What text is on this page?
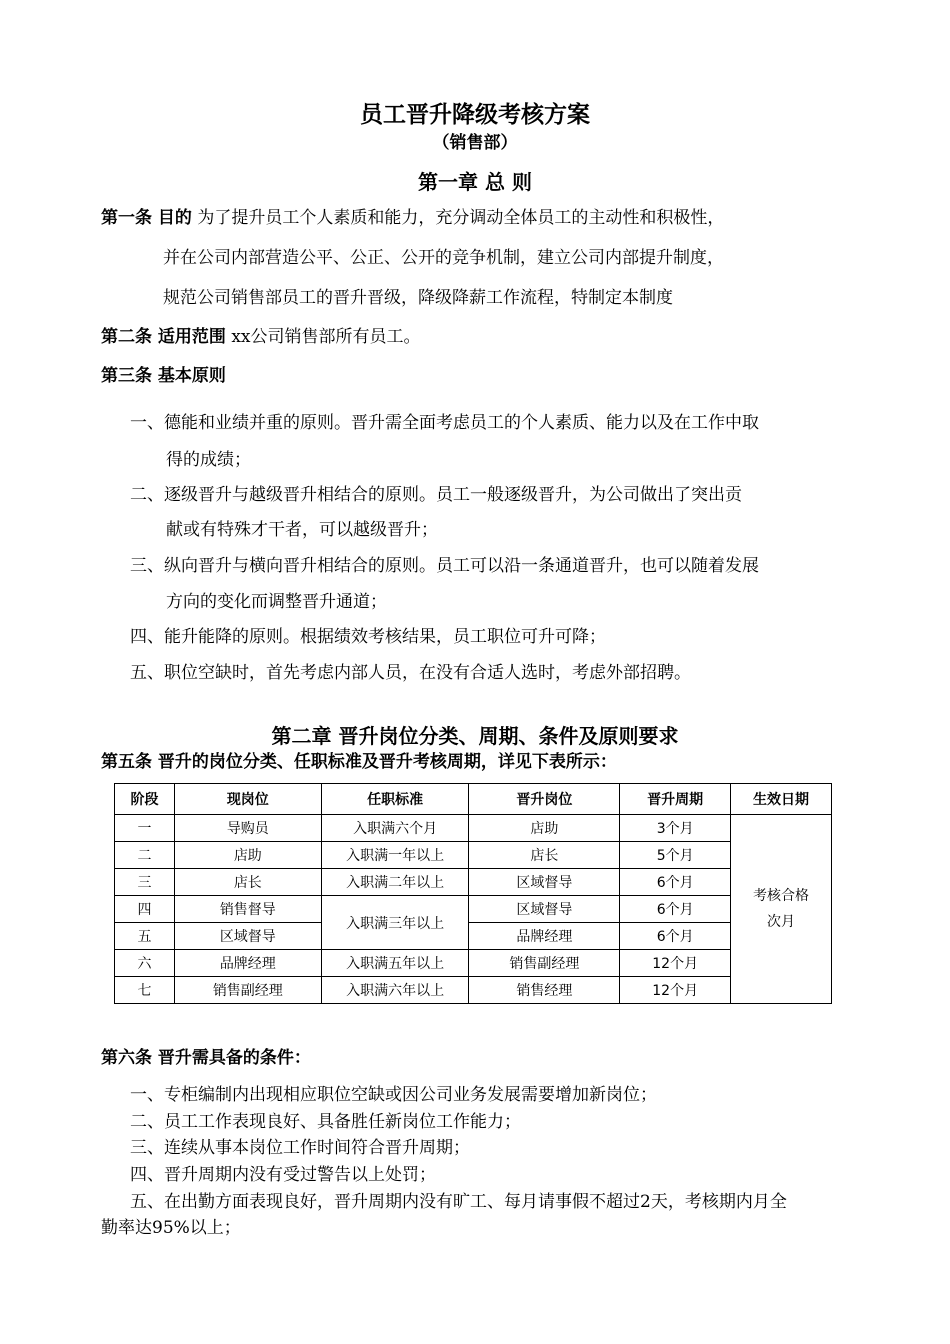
员工晋升降级考核方案
（销售部）
第一章 总 则
第一条 目的 为了提升员工个人素质和能力，充分调动全体员工的主动性和积极性，
并在公司内部营造公平、公正、公开的竞争机制，建立公司内部提升制度，
规范公司销售部员工的晋升晋级，降级降薪工作流程，特制定本制度
第二条 适用范围 xx公司销售部所有员工。
第三条 基本原则
一、德能和业绩并重的原则。晋升需全面考虑员工的个人素质、能力以及在工作中取
得的成绩；
二、逐级晋升与越级晋升相结合的原则。员工一般逐级晋升，为公司做出了突出贡
献或有特殊才干者，可以越级晋升；
三、纵向晋升与横向晋升相结合的原则。员工可以沿一条通道晋升，也可以随着发展
方向的变化而调整晋升通道；
四、能升能降的原则。根据绩效考核结果，员工职位可升可降；
五、职位空缺时，首先考虑内部人员，在没有合适人选时，考虑外部招聘。
第二章 晋升岗位分类、周期、条件及原则要求
第五条 晋升的岗位分类、任职标准及晋升考核周期，详见下表所示：
阶段	现岗位	任职标准	晋升岗位	晋升周期	生效日期
一	导购员	入职满六个月	店助	3个月	考核合格
次月
二	店助	入职满一年以上	店长	5个月	
三	店长	入职满二年以上	区域督导	6个月	
四	销售督导	入职满三年以上	区域督导	6个月	
五	区域督导		品牌经理	6个月	
六	品牌经理	入职满五年以上	销售副经理	12个月	
七	销售副经理	入职满六年以上	销售经理	12个月	
第六条 晋升需具备的条件：
一、专柜编制内出现相应职位空缺或因公司业务发展需要增加新岗位；
二、员工工作表现良好、具备胜任新岗位工作能力；
三、连续从事本岗位工作时间符合晋升周期；
四、晋升周期内没有受过警告以上处罚；
五、在出勤方面表现良好，晋升周期内没有旷工、每月请事假不超过2天，考核期内月全
勤率达95%以上；
